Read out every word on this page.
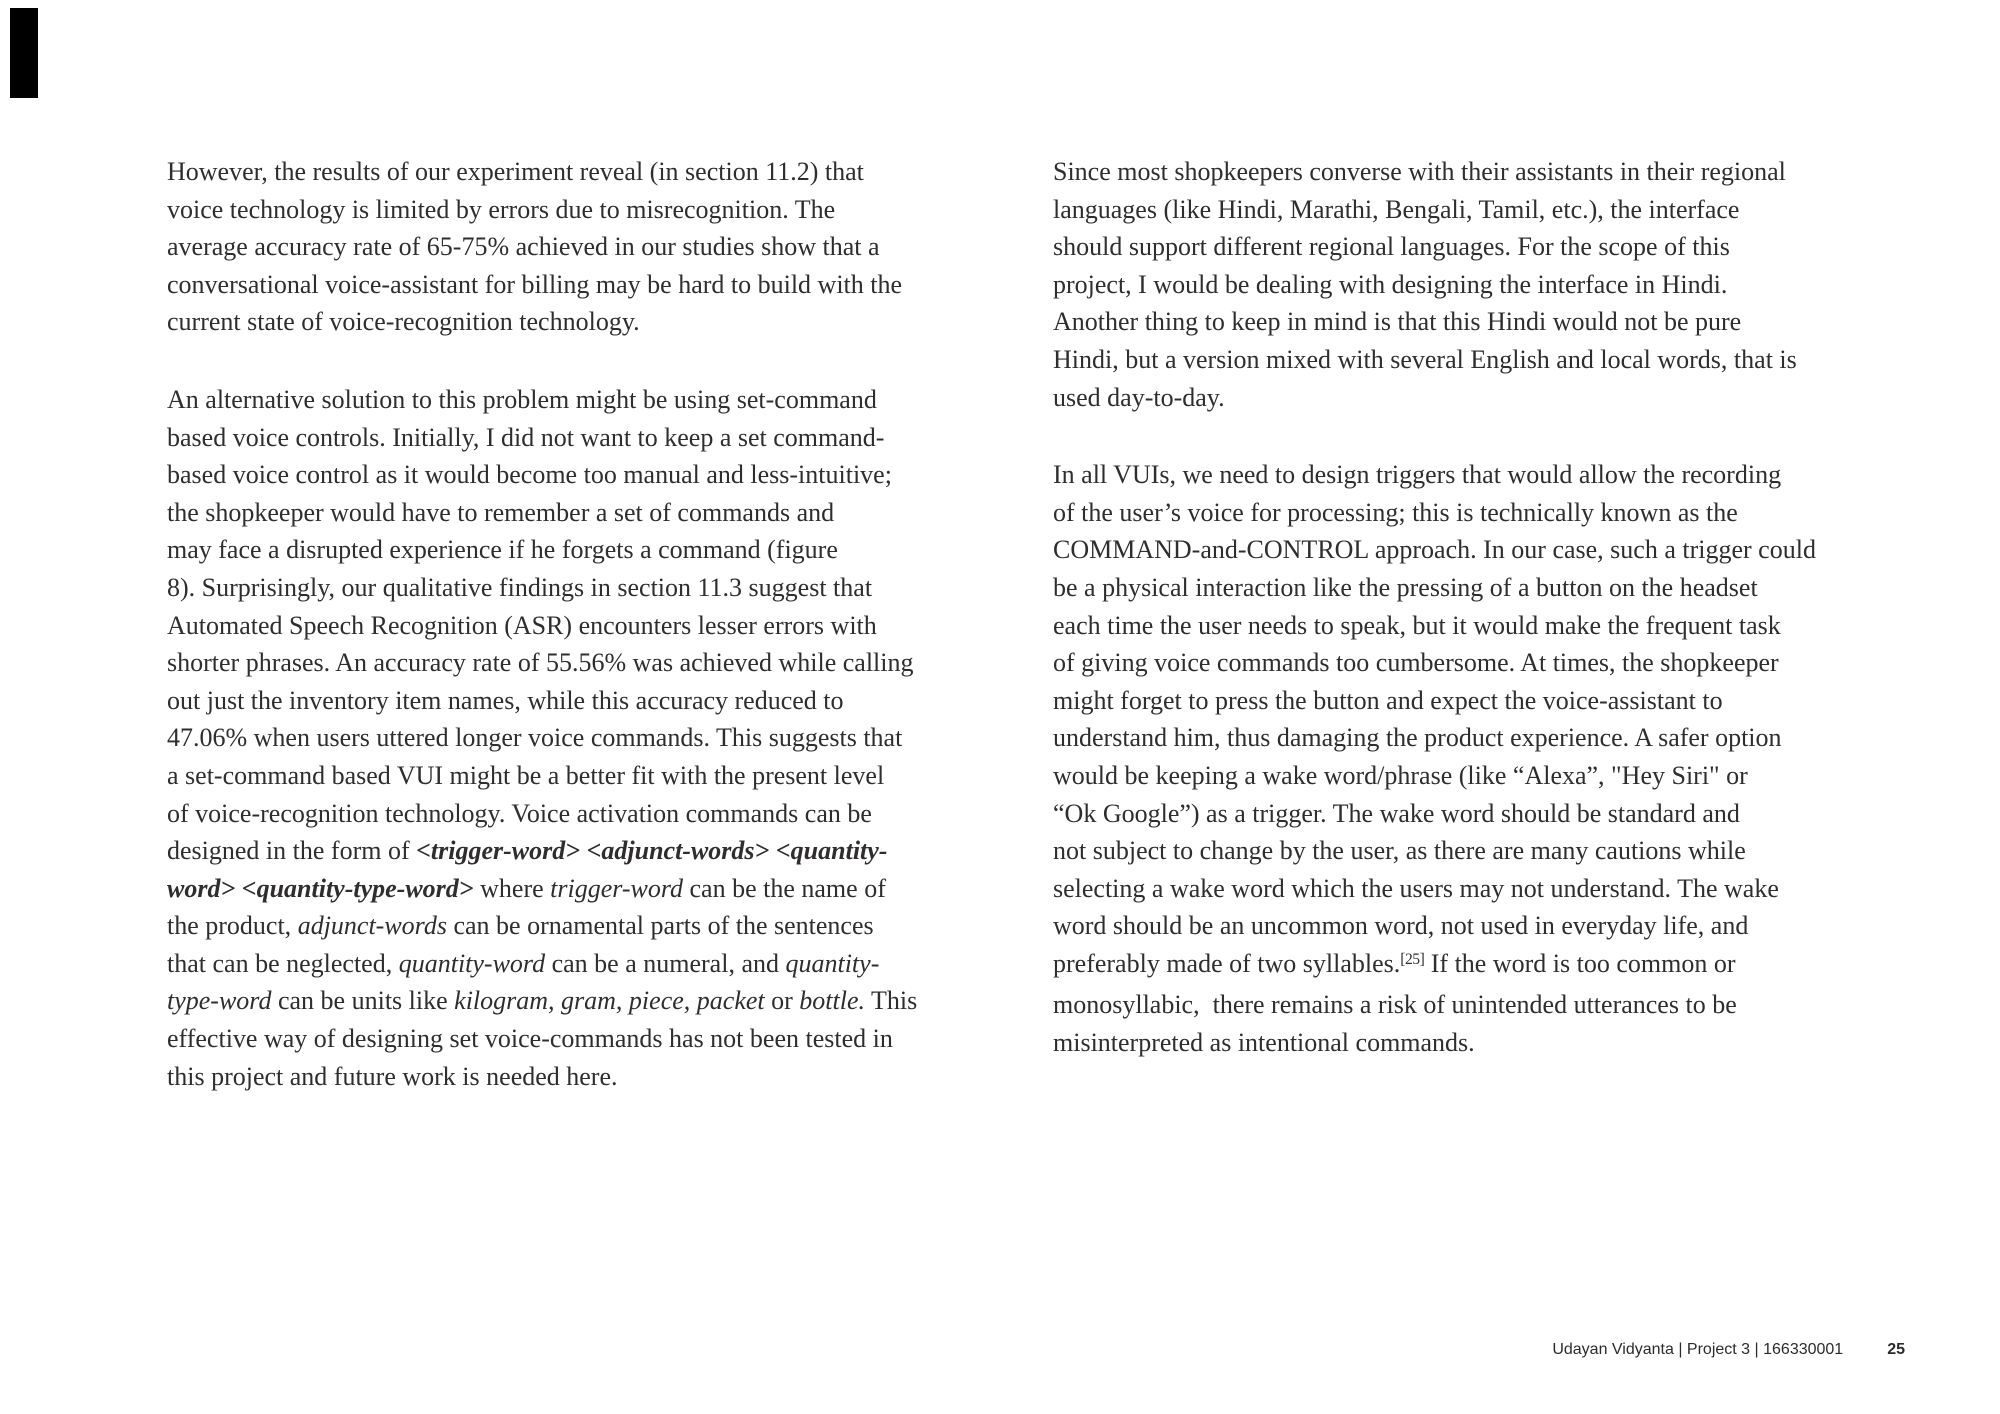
However, the results of our experiment reveal (in section 11.2) that
voice technology is limited by errors due to misrecognition. The
average accuracy rate of 65-75% achieved in our studies show that a
conversational voice-assistant for billing may be hard to build with the
current state of voice-recognition technology.

An alternative solution to this problem might be using set-command
based voice controls. Initially, I did not want to keep a set command-
based voice control as it would become too manual and less-intuitive;
the shopkeeper would have to remember a set of commands and
may face a disrupted experience if he forgets a command (figure
8). Surprisingly, our qualitative findings in section 11.3 suggest that
Automated Speech Recognition (ASR) encounters lesser errors with
shorter phrases. An accuracy rate of 55.56% was achieved while calling
out just the inventory item names, while this accuracy reduced to
47.06% when users uttered longer voice commands. This suggests that
a set-command based VUI might be a better fit with the present level
of voice-recognition technology. Voice activation commands can be
designed in the form of <trigger-word> <adjunct-words> <quantity-
word> <quantity-type-word> where trigger-word can be the name of
the product, adjunct-words can be ornamental parts of the sentences
that can be neglected, quantity-word can be a numeral, and quantity-
type-word can be units like kilogram, gram, piece, packet or bottle. This
effective way of designing set voice-commands has not been tested in
this project and future work is needed here.

Since most shopkeepers converse with their assistants in their regional
languages (like Hindi, Marathi, Bengali, Tamil, etc.), the interface
should support different regional languages. For the scope of this
project, I would be dealing with designing the interface in Hindi.
Another thing to keep in mind is that this Hindi would not be pure
Hindi, but a version mixed with several English and local words, that is
used day-to-day.

In all VUIs, we need to design triggers that would allow the recording
of the user’s voice for processing; this is technically known as the
COMMAND-and-CONTROL approach. In our case, such a trigger could
be a physical interaction like the pressing of a button on the headset
each time the user needs to speak, but it would make the frequent task
of giving voice commands too cumbersome. At times, the shopkeeper
might forget to press the button and expect the voice-assistant to
understand him, thus damaging the product experience. A safer option
would be keeping a wake word/phrase (like “Alexa”, "Hey Siri" or
“Ok Google”) as a trigger. The wake word should be standard and
not subject to change by the user, as there are many cautions while
selecting a wake word which the users may not understand. The wake
word should be an uncommon word, not used in everyday life, and
preferably made of two syllables.[25] If the word is too common or
monosyllabic,  there remains a risk of unintended utterances to be
misinterpreted as intentional commands.

Udayan Vidyanta | Project 3 | 166330001	25
